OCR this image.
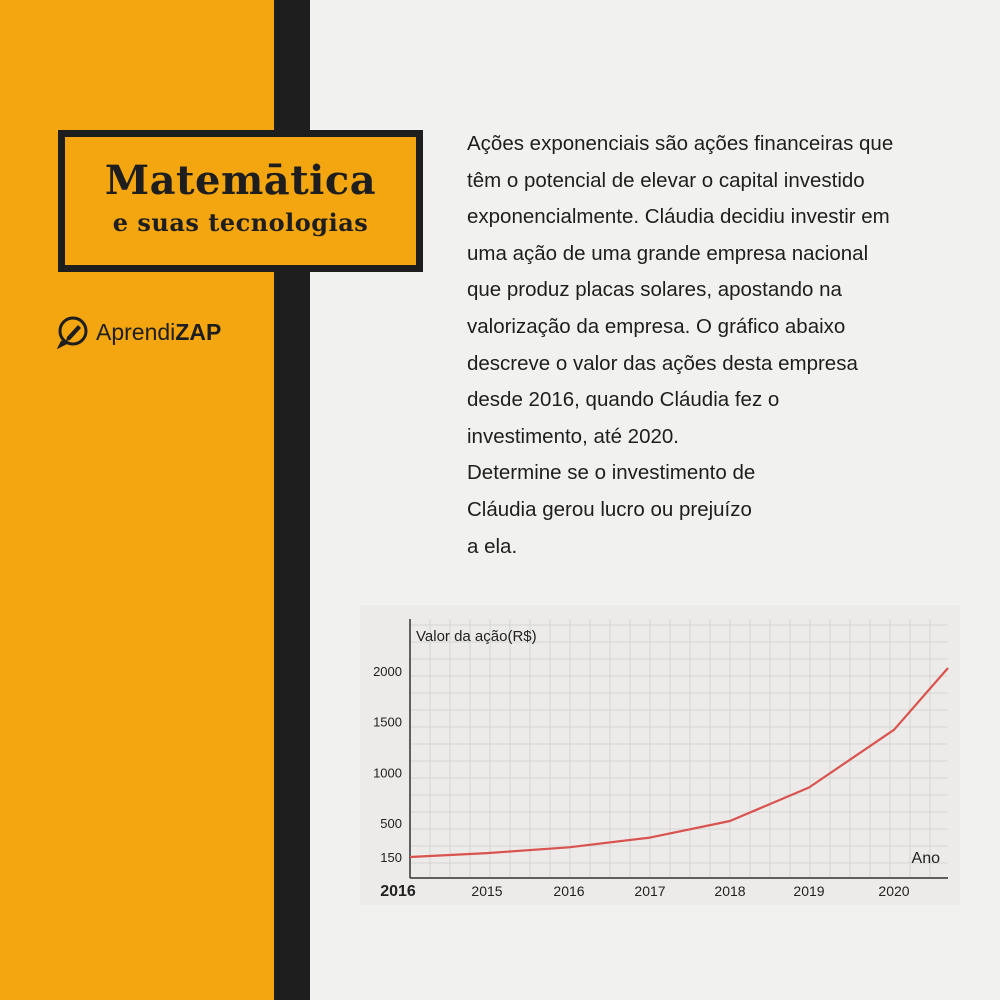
Matemātica
e suas tecnologias
AprendiZAP

Ações exponenciais são ações financeiras que
têm o potencial de elevar o capital investido
exponencialmente. Cláudia decidiu investir em
uma ação de uma grande empresa nacional
que produz placas solares, apostando na
valorização da empresa. O gráfico abaixo
descreve o valor das ações desta empresa
desde 2016, quando Cláudia fez o
investimento, até 2020.
Determine se o investimento de
Cláudia gerou lucro ou prejuízo
a ela.

Valor da ação(R$)
150
500
1000
1500
2000
2016	2015	2016	2017	2018	2019	2020
Ano
